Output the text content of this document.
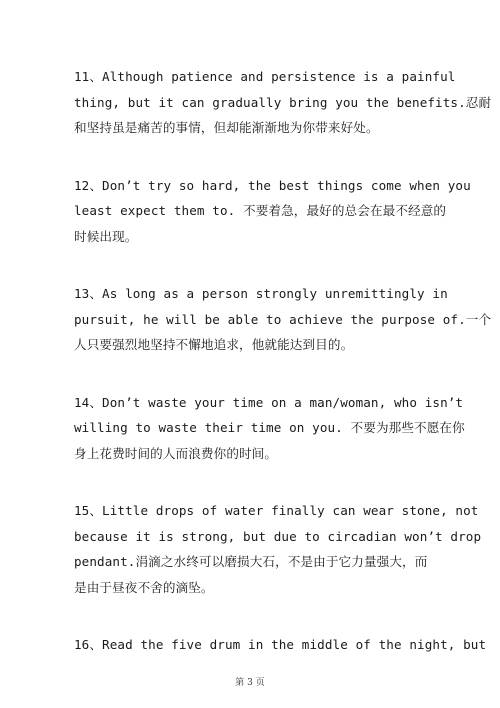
11、Although patience and persistence is a painful
thing, but it can gradually bring you the benefits.忍耐
和坚持虽是痛苦的事情，但却能渐渐地为你带来好处。
12、Don’t try so hard, the best things come when you
least expect them to. 不要着急，最好的总会在最不经意的
时候出现。
13、As long as a person strongly unremittingly in
pursuit, he will be able to achieve the purpose of.一个
人只要强烈地坚持不懈地追求，他就能达到目的。
14、Don’t waste your time on a man/woman, who isn’t
willing to waste their time on you. 不要为那些不愿在你
身上花费时间的人而浪费你的时间。
15、Little drops of water finally can wear stone, not
because it is strong, but due to circadian won’t drop
pendant.涓滴之水终可以磨损大石，不是由于它力量强大，而
是由于昼夜不舍的滴坠。
16、Read the five drum in the middle of the night, but
第 3 页
